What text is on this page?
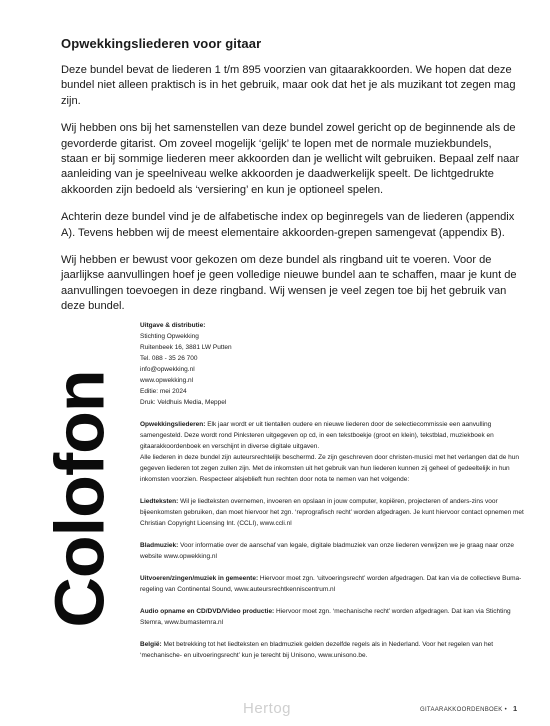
Opwekkingsliederen voor gitaar

Deze bundel bevat de liederen 1 t/m 895 voorzien van gitaarakkoorden. We hopen dat deze bundel niet alleen praktisch is in het gebruik, maar ook dat het je als muzikant tot zegen mag zijn.

Wij hebben ons bij het samenstellen van deze bundel zowel gericht op de beginnende als de gevorderde gitarist. Om zoveel mogelijk ‘gelijk’ te lopen met de normale muziekbundels, staan er bij sommige liederen meer akkoorden dan je wellicht wilt gebruiken. Bepaal zelf naar aanleiding van je speelniveau welke akkoorden je daadwerkelijk speelt. De lichtgedrukte akkoorden zijn bedoeld als ‘versiering’ en kun je optioneel spelen.

Achterin deze bundel vind je de alfabetische index op beginregels van de liederen (appendix A). Tevens hebben wij de meest elementaire akkoorden-grepen samengevat (appendix B).

Wij hebben er bewust voor gekozen om deze bundel als ringband uit te voeren. Voor de jaarlijkse aanvullingen hoef je geen volledige nieuwe bundel aan te schaffen, maar je kunt de aanvullingen toevoegen in deze ringband. Wij wensen je veel zegen toe bij het gebruik van deze bundel.

Colofon
Uitgave & distributie:
Stichting Opwekking
Ruitenbeek 16, 3881 LW Putten
Tel. 088 - 35 26 700
info@opwekking.nl
www.opwekking.nl
Editie: mei 2024
Druk: Veldhuis Media, Meppel

Opwekkingsliederen: Elk jaar wordt er uit tientallen oudere en nieuwe liederen door de selectiecommissie een aanvulling samengesteld. Deze wordt rond Pinksteren uitgegeven op cd, in een tekstboekje (groot en klein), tekstblad, muziekboek en gitaarakkoordenboek en verschijnt in diverse digitale uitgaven.

Alle liederen in deze bundel zijn auteursrechtelijk beschermd. Ze zijn geschreven door christen-musici met het verlangen dat de hun gegeven liederen tot zegen zullen zijn. Met de inkomsten uit het gebruik van hun liederen kunnen zij geheel of gedeeltelijk in hun inkomsten voorzien. Respecteer alsjeblieft hun rechten door nota te nemen van het volgende:

Liedteksten: Wil je liedteksten overnemen, invoeren en opslaan in jouw computer, kopiëren, projecteren of anders-zins voor bijeenkomsten gebruiken, dan moet hiervoor het zgn. ‘reprografisch recht’ worden afgedragen. Je kunt hiervoor contact opnemen met Christian Copyright Licensing Int. (CCLI), www.ccli.nl

Bladmuziek: Voor informatie over de aanschaf van legale, digitale bladmuziek van onze liederen verwijzen we je graag naar onze website www.opwekking.nl

Uitvoeren/zingen/muziek in gemeente: Hiervoor moet zgn. ‘uitvoeringsrecht’ worden afgedragen. Dat kan via de collectieve Buma-regeling van Continental Sound, www.auteursrechtkenniscentrum.nl

Audio opname en CD/DVD/Video productie: Hiervoor moet zgn. ‘mechanische recht’ worden afgedragen. Dat kan via Stichting Stemra, www.bumastemra.nl

België: Met betrekking tot het liedteksten en bladmuziek gelden dezelfde regels als in Nederland. Voor het regelen van het ‘mechanische- en uitvoeringsrecht’ kun je terecht bij Unisono, www.unisono.be.

Hertog	GITAARAKKOORDENBOEK • 1
